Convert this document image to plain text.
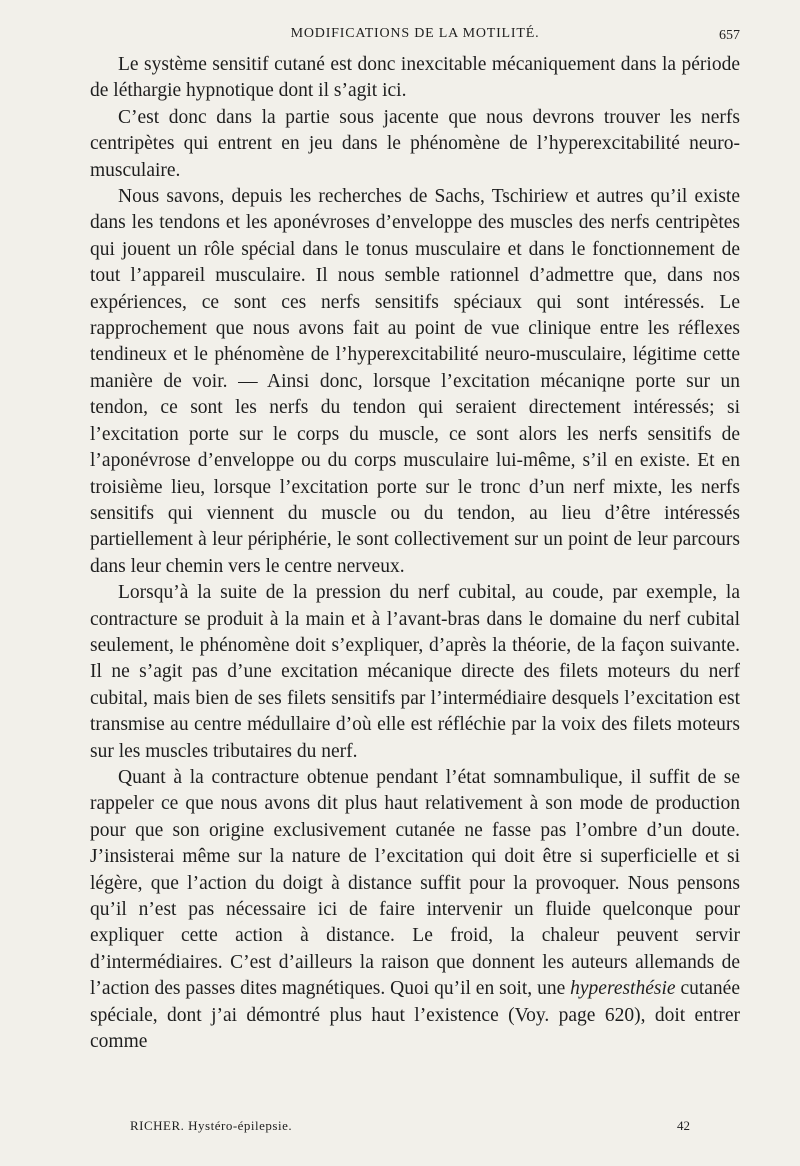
MODIFICATIONS DE LA MOTILITÉ.	657

Le système sensitif cutané est donc inexcitable mécaniquement dans la période de léthargie hypnotique dont il s’agit ici.

C’est donc dans la partie sous jacente que nous devrons trouver les nerfs centripètes qui entrent en jeu dans le phénomène de l’hyperexcitabilité neuro-musculaire.

Nous savons, depuis les recherches de Sachs, Tschiriew et autres qu’il existe dans les tendons et les aponévroses d’enveloppe des muscles des nerfs centripètes qui jouent un rôle spécial dans le tonus musculaire et dans le fonctionnement de tout l’appareil musculaire. Il nous semble rationnel d’admettre que, dans nos expériences, ce sont ces nerfs sensitifs spéciaux qui sont intéressés. Le rapprochement que nous avons fait au point de vue clinique entre les réflexes tendineux et le phénomène de l’hyperexcitabilité neuro-musculaire, légitime cette manière de voir. — Ainsi donc, lorsque l’excitation mécaniqne porte sur un tendon, ce sont les nerfs du tendon qui seraient directement intéressés; si l’excitation porte sur le corps du muscle, ce sont alors les nerfs sensitifs de l’aponévrose d’enveloppe ou du corps musculaire lui-même, s’il en existe. Et en troisième lieu, lorsque l’excitation porte sur le tronc d’un nerf mixte, les nerfs sensitifs qui viennent du muscle ou du tendon, au lieu d’être intéressés partiellement à leur périphérie, le sont collectivement sur un point de leur parcours dans leur chemin vers le centre nerveux.

Lorsqu’à la suite de la pression du nerf cubital, au coude, par exemple, la contracture se produit à la main et à l’avant-bras dans le domaine du nerf cubital seulement, le phénomène doit s’expliquer, d’après la théorie, de la façon suivante. Il ne s’agit pas d’une excitation mécanique directe des filets moteurs du nerf cubital, mais bien de ses filets sensitifs par l’intermédiaire desquels l’excitation est transmise au centre médullaire d’où elle est réfléchie par la voix des filets moteurs sur les muscles tributaires du nerf.

Quant à la contracture obtenue pendant l’état somnambulique, il suffit de se rappeler ce que nous avons dit plus haut relativement à son mode de production pour que son origine exclusivement cutanée ne fasse pas l’ombre d’un doute. J’insisterai même sur la nature de l’excitation qui doit être si superficielle et si légère, que l’action du doigt à distance suffit pour la provoquer. Nous pensons qu’il n’est pas nécessaire ici de faire intervenir un fluide quelconque pour expliquer cette action à distance. Le froid, la chaleur peuvent servir d’intermédiaires. C’est d’ailleurs la raison que donnent les auteurs allemands de l’action des passes dites magnétiques. Quoi qu’il en soit, une hyperesthésie cutanée spéciale, dont j’ai démontré plus haut l’existence (Voy. page 620), doit entrer comme

RICHER. Hystéro-épilepsie.	42
